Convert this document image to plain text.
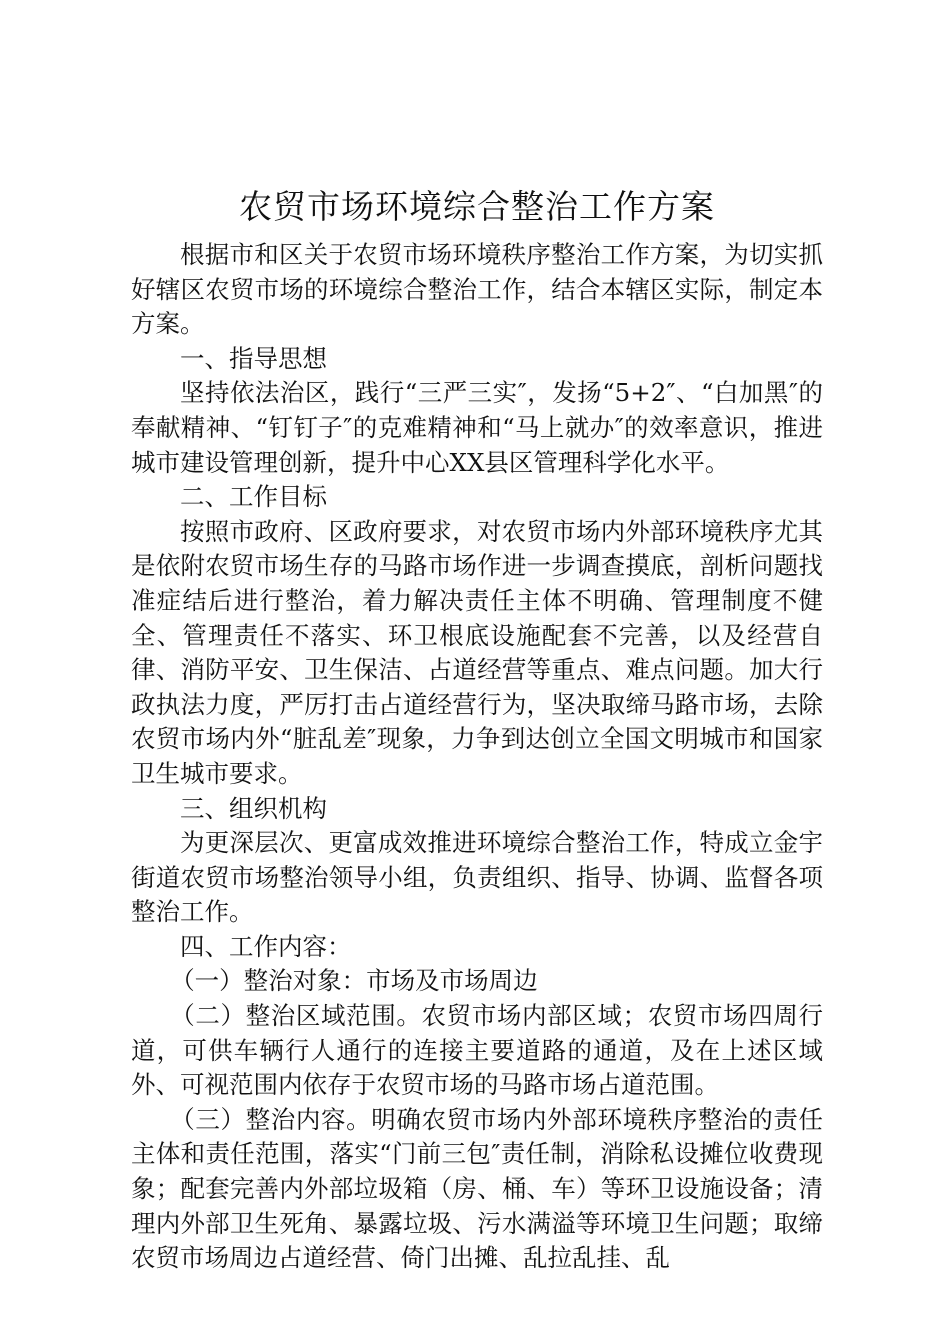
农贸市场环境综合整治工作方案

根据市和区关于农贸市场环境秩序整治工作方案，为切实抓好辖区农贸市场的环境综合整治工作，结合本辖区实际，制定本方案。

一、指导思想

坚持依法治区，践行“三严三实″，发扬“5+2″、“白加黑″的奉献精神、“钉钉子″的克难精神和“马上就办″的效率意识，推进城市建设管理创新，提升中心XX县区管理科学化水平。

二、工作目标

按照市政府、区政府要求，对农贸市场内外部环境秩序尤其是依附农贸市场生存的马路市场作进一步调查摸底，剖析问题找准症结后进行整治，着力解决责任主体不明确、管理制度不健全、管理责任不落实、环卫根底设施配套不完善，以及经营自律、消防平安、卫生保洁、占道经营等重点、难点问题。加大行政执法力度，严厉打击占道经营行为，坚决取缔马路市场，去除农贸市场内外“脏乱差″现象，力争到达创立全国文明城市和国家卫生城市要求。

三、组织机构

为更深层次、更富成效推进环境综合整治工作，特成立金宇街道农贸市场整治领导小组，负责组织、指导、协调、监督各项整治工作。

四、工作内容：

（一）整治对象：市场及市场周边

（二）整治区域范围。农贸市场内部区域；农贸市场四周行道，可供车辆行人通行的连接主要道路的通道，及在上述区域外、可视范围内依存于农贸市场的马路市场占道范围。

（三）整治内容。明确农贸市场内外部环境秩序整治的责任主体和责任范围，落实“门前三包″责任制，消除私设摊位收费现象；配套完善内外部垃圾箱（房、桶、车）等环卫设施设备；清理内外部卫生死角、暴露垃圾、污水满溢等环境卫生问题；取缔农贸市场周边占道经营、倚门出摊、乱拉乱挂、乱
